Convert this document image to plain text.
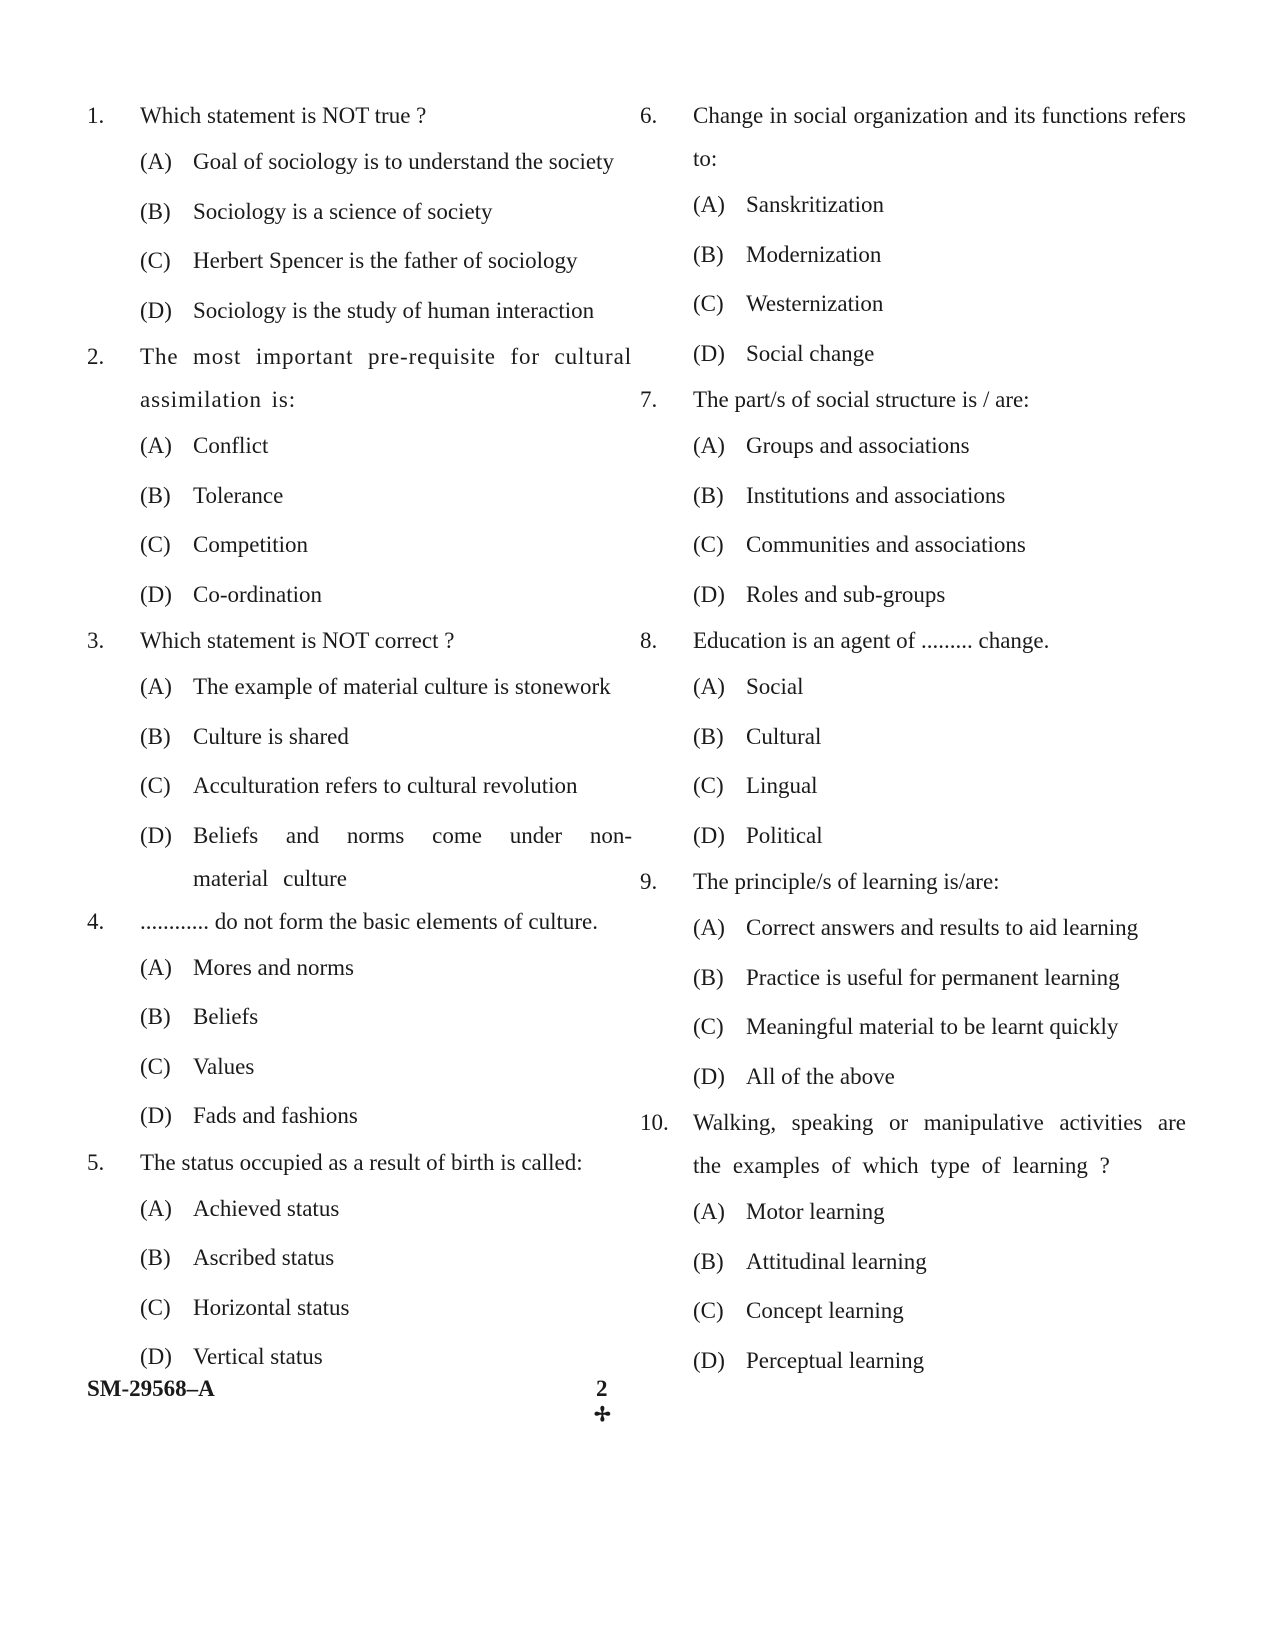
1.	Which statement is NOT true ?
(A) Goal of sociology is to understand the society
(B) Sociology is a science of society
(C) Herbert Spencer is the father of sociology
(D) Sociology is the study of human interaction
2.	The most important pre-requisite for cultural assimilation is:
(A) Conflict
(B) Tolerance
(C) Competition
(D) Co-ordination
3.	Which statement is NOT correct ?
(A) The example of material culture is stonework
(B) Culture is shared
(C) Acculturation refers to cultural revolution
(D) Beliefs and norms come under non-material culture
4.	............ do not form the basic elements of culture.
(A) Mores and norms
(B) Beliefs
(C) Values
(D) Fads and fashions
5.	The status occupied as a result of birth is called:
(A) Achieved status
(B) Ascribed status
(C) Horizontal status
(D) Vertical status
6.	Change in social organization and its functions refers to:
(A) Sanskritization
(B) Modernization
(C) Westernization
(D) Social change
7.	The part/s of social structure is / are:
(A) Groups and associations
(B) Institutions and associations
(C) Communities and associations
(D) Roles and sub-groups
8.	Education is an agent of ......... change.
(A) Social
(B) Cultural
(C) Lingual
(D) Political
9.	The principle/s of learning is/are:
(A) Correct answers and results to aid learning
(B) Practice is useful for permanent learning
(C) Meaningful material to be learnt quickly
(D) All of the above
10.	Walking, speaking or manipulative activities are the examples of which type of learning ?
(A) Motor learning
(B) Attitudinal learning
(C) Concept learning
(D) Perceptual learning
SM-29568–A	2
✢
